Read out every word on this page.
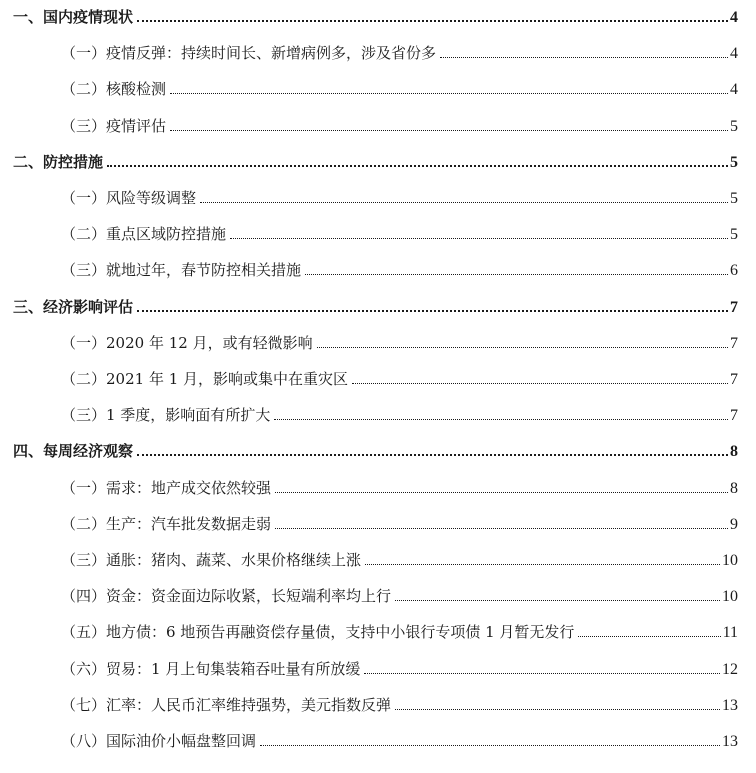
一、国内疫情现状	4
（一）疫情反弹：持续时间长、新增病例多，涉及省份多	4
（二）核酸检测	4
（三）疫情评估	5
二、防控措施	5
（一）风险等级调整	5
（二）重点区域防控措施	5
（三）就地过年，春节防控相关措施	6
三、经济影响评估	7
（一）2020 年 12 月，或有轻微影响	7
（二）2021 年 1 月，影响或集中在重灾区	7
（三）1 季度，影响面有所扩大	7
四、每周经济观察	8
（一）需求：地产成交依然较强	8
（二）生产：汽车批发数据走弱	9
（三）通胀：猪肉、蔬菜、水果价格继续上涨	10
（四）资金：资金面边际收紧，长短端利率均上行	10
（五）地方债：6 地预告再融资偿存量债，支持中小银行专项债 1 月暂无发行	11
（六）贸易：1 月上旬集装箱吞吐量有所放缓	12
（七）汇率：人民币汇率维持强势，美元指数反弹	13
（八）国际油价小幅盘整回调	13
